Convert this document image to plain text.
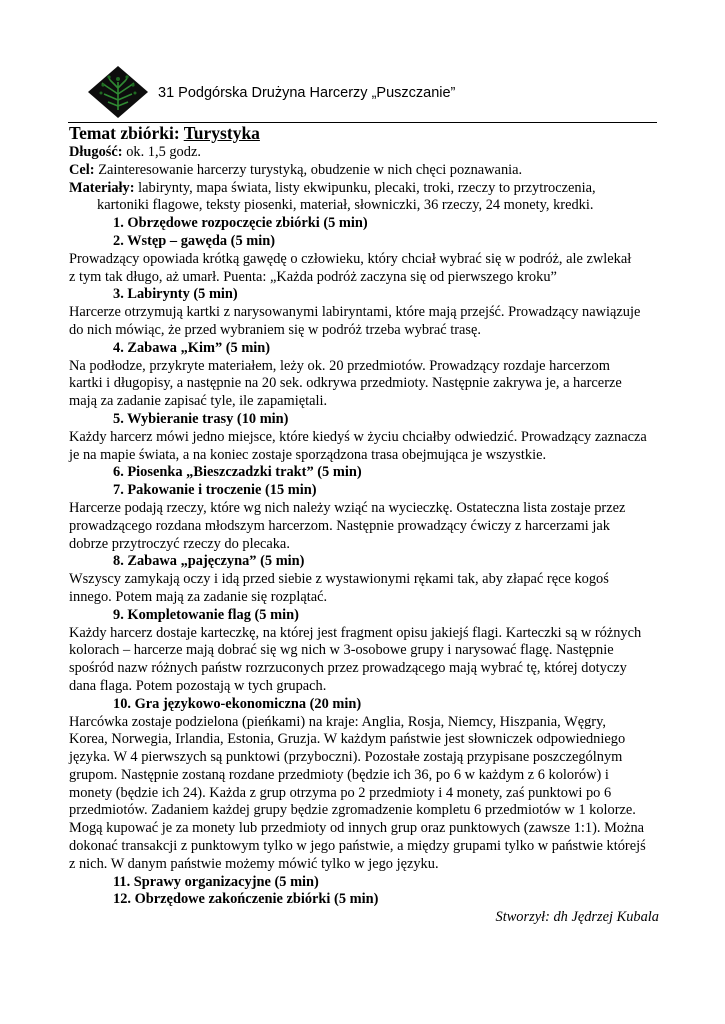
31 Podgórska Drużyna Harcerzy „Puszczanie”

Temat zbiórki: Turystyka

Długość: ok. 1,5 godz.

Cel: Zainteresowanie harcerzy turystyką, obudzenie w nich chęci poznawania.

Materiały: labirynty, mapa świata, listy ekwipunku, plecaki, troki, rzeczy to przytroczenia,

kartoniki flagowe, teksty piosenki, materiał, słowniczki, 36 rzeczy, 24 monety, kredki.

1. Obrzędowe rozpoczęcie zbiórki (5 min)

2. Wstęp – gawęda (5 min)

Prowadzący opowiada krótką gawędę o człowieku, który chciał wybrać się w podróż, ale zwlekał

z tym tak długo, aż umarł. Puenta: „Każda podróż zaczyna się od pierwszego kroku”

3. Labirynty (5 min)

Harcerze otrzymują kartki z narysowanymi labiryntami, które mają przejść. Prowadzący nawiązuje

do nich mówiąc, że przed wybraniem się w podróż trzeba wybrać trasę.

4. Zabawa „Kim” (5 min)

Na podłodze, przykryte materiałem, leży ok. 20 przedmiotów. Prowadzący rozdaje harcerzom

kartki i długopisy, a następnie na 20 sek. odkrywa przedmioty. Następnie zakrywa je, a harcerze

mają za zadanie zapisać tyle, ile zapamiętali.

5. Wybieranie trasy (10 min)

Każdy harcerz mówi jedno miejsce, które kiedyś w życiu chciałby odwiedzić. Prowadzący zaznacza

je na mapie świata, a na koniec zostaje sporządzona trasa obejmująca je wszystkie.

6. Piosenka „Bieszczadzki trakt” (5 min)

7. Pakowanie i troczenie (15 min)

Harcerze podają rzeczy, które wg nich należy wziąć na wycieczkę. Ostateczna lista zostaje przez

prowadzącego rozdana młodszym harcerzom. Następnie prowadzący ćwiczy z harcerzami jak

dobrze przytroczyć rzeczy do plecaka.

8. Zabawa „pajęczyna” (5 min)

Wszyscy zamykają oczy i idą przed siebie z wystawionymi rękami tak, aby złapać ręce kogoś

innego. Potem mają za zadanie się rozplątać.

9. Kompletowanie flag (5 min)

Każdy harcerz dostaje karteczkę, na której jest fragment opisu jakiejś flagi. Karteczki są w różnych

kolorach – harcerze mają dobrać się wg nich w 3-osobowe grupy i narysować flagę. Następnie

spośród nazw różnych państw rozrzuconych przez prowadzącego mają wybrać tę, której dotyczy

dana flaga. Potem pozostają w tych grupach.

10. Gra językowo-ekonomiczna (20 min)

Harcówka zostaje podzielona (pieńkami) na kraje: Anglia, Rosja, Niemcy, Hiszpania, Węgry,

Korea, Norwegia, Irlandia, Estonia, Gruzja. W każdym państwie jest słowniczek odpowiedniego

języka. W 4 pierwszych są punktowi (przyboczni). Pozostałe zostają przypisane poszczególnym

grupom. Następnie zostaną rozdane przedmioty (będzie ich 36, po 6 w każdym z 6 kolorów) i

monety (będzie ich 24). Każda z grup otrzyma po 2 przedmioty i 4 monety, zaś punktowi po 6

przedmiotów. Zadaniem każdej grupy będzie zgromadzenie kompletu 6 przedmiotów w 1 kolorze.

Mogą kupować je za monety lub przedmioty od innych grup oraz punktowych (zawsze 1:1). Można

dokonać transakcji z punktowym tylko w jego państwie, a między grupami tylko w państwie którejś

z nich. W danym państwie możemy mówić tylko w jego języku.

11. Sprawy organizacyjne (5 min)

12. Obrzędowe zakończenie zbiórki (5 min)

Stworzył: dh Jędrzej Kubala
